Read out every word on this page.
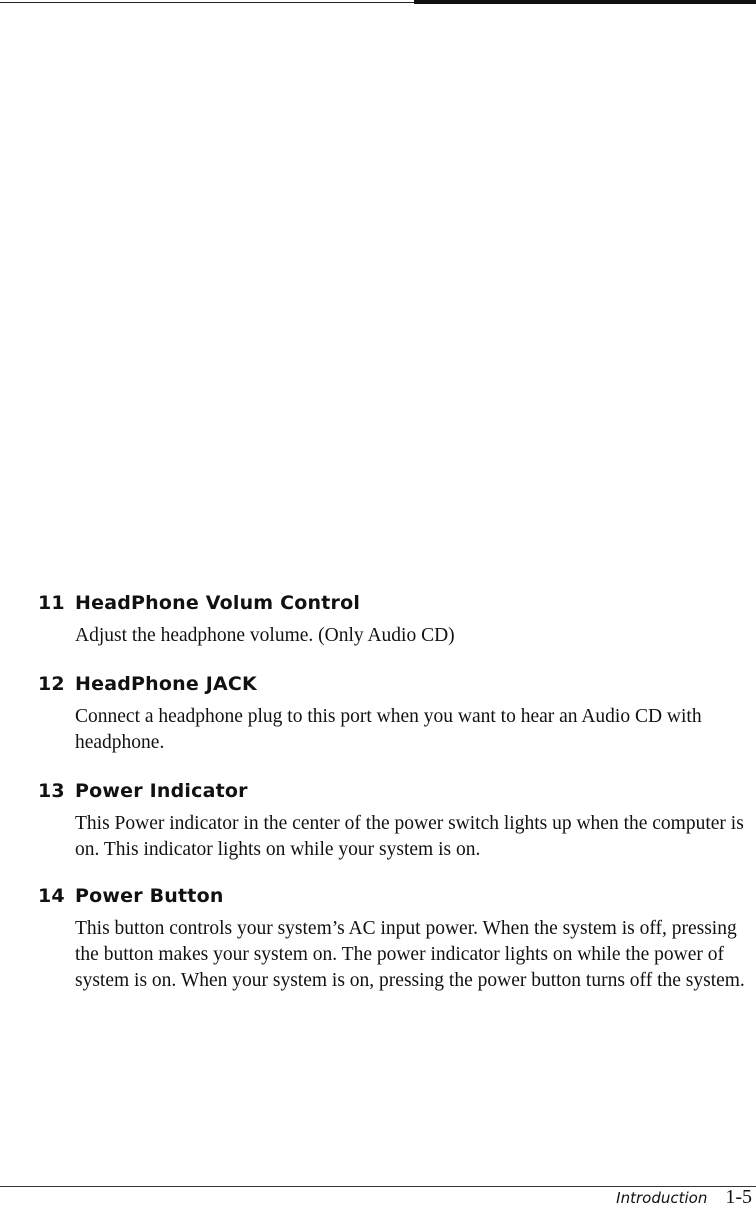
11 HeadPhone Volum Control

Adjust the headphone volume. (Only Audio CD)

12 HeadPhone JACK

Connect a headphone plug to this port when you want to hear an Audio CD with headphone.

13 Power Indicator

This Power indicator in the center of the power switch lights up when the computer is on. This indicator lights on while your system is on.

14 Power Button

This button controls your system’s AC input power. When the system is off, pressing the button makes your system on. The power indicator lights on while the power of system is on. When your system is on, pressing the power button turns off the system.

Introduction 1-5
